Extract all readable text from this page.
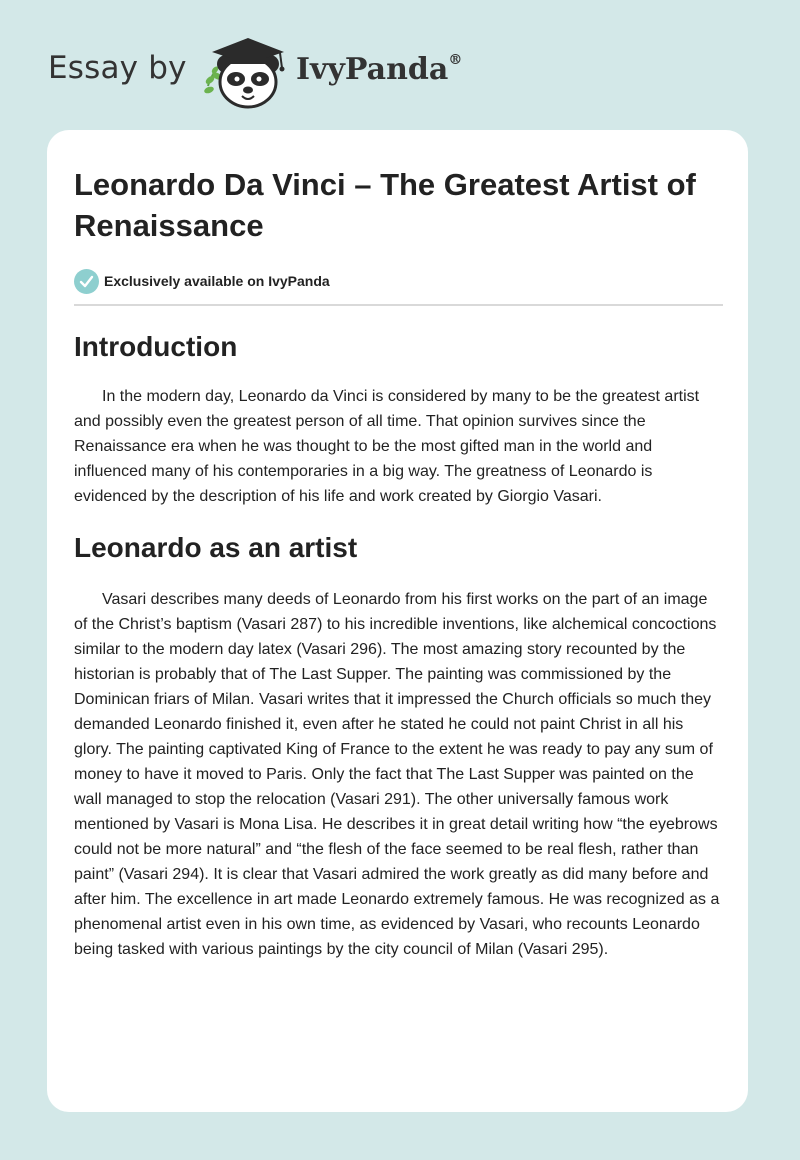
Essay by	IvyPanda®
Leonardo Da Vinci – The Greatest Artist of Renaissance
Exclusively available on IvyPanda
Introduction

In the modern day, Leonardo da Vinci is considered by many to be the greatest artist and possibly even the greatest person of all time. That opinion survives since the Renaissance era when he was thought to be the most gifted man in the world and influenced many of his contemporaries in a big way. The greatness of Leonardo is evidenced by the description of his life and work created by Giorgio Vasari.

Leonardo as an artist

Vasari describes many deeds of Leonardo from his first works on the part of an image of the Christ’s baptism (Vasari 287) to his incredible inventions, like alchemical concoctions similar to the modern day latex (Vasari 296). The most amazing story recounted by the historian is probably that of The Last Supper. The painting was commissioned by the Dominican friars of Milan. Vasari writes that it impressed the Church officials so much they demanded Leonardo finished it, even after he stated he could not paint Christ in all his glory. The painting captivated King of France to the extent he was ready to pay any sum of money to have it moved to Paris. Only the fact that The Last Supper was painted on the wall managed to stop the relocation (Vasari 291). The other universally famous work mentioned by Vasari is Mona Lisa. He describes it in great detail writing how “the eyebrows could not be more natural” and “the flesh of the face seemed to be real flesh, rather than paint” (Vasari 294). It is clear that Vasari admired the work greatly as did many before and after him. The excellence in art made Leonardo extremely famous. He was recognized as a phenomenal artist even in his own time, as evidenced by Vasari, who recounts Leonardo being tasked with various paintings by the city council of Milan (Vasari 295).
